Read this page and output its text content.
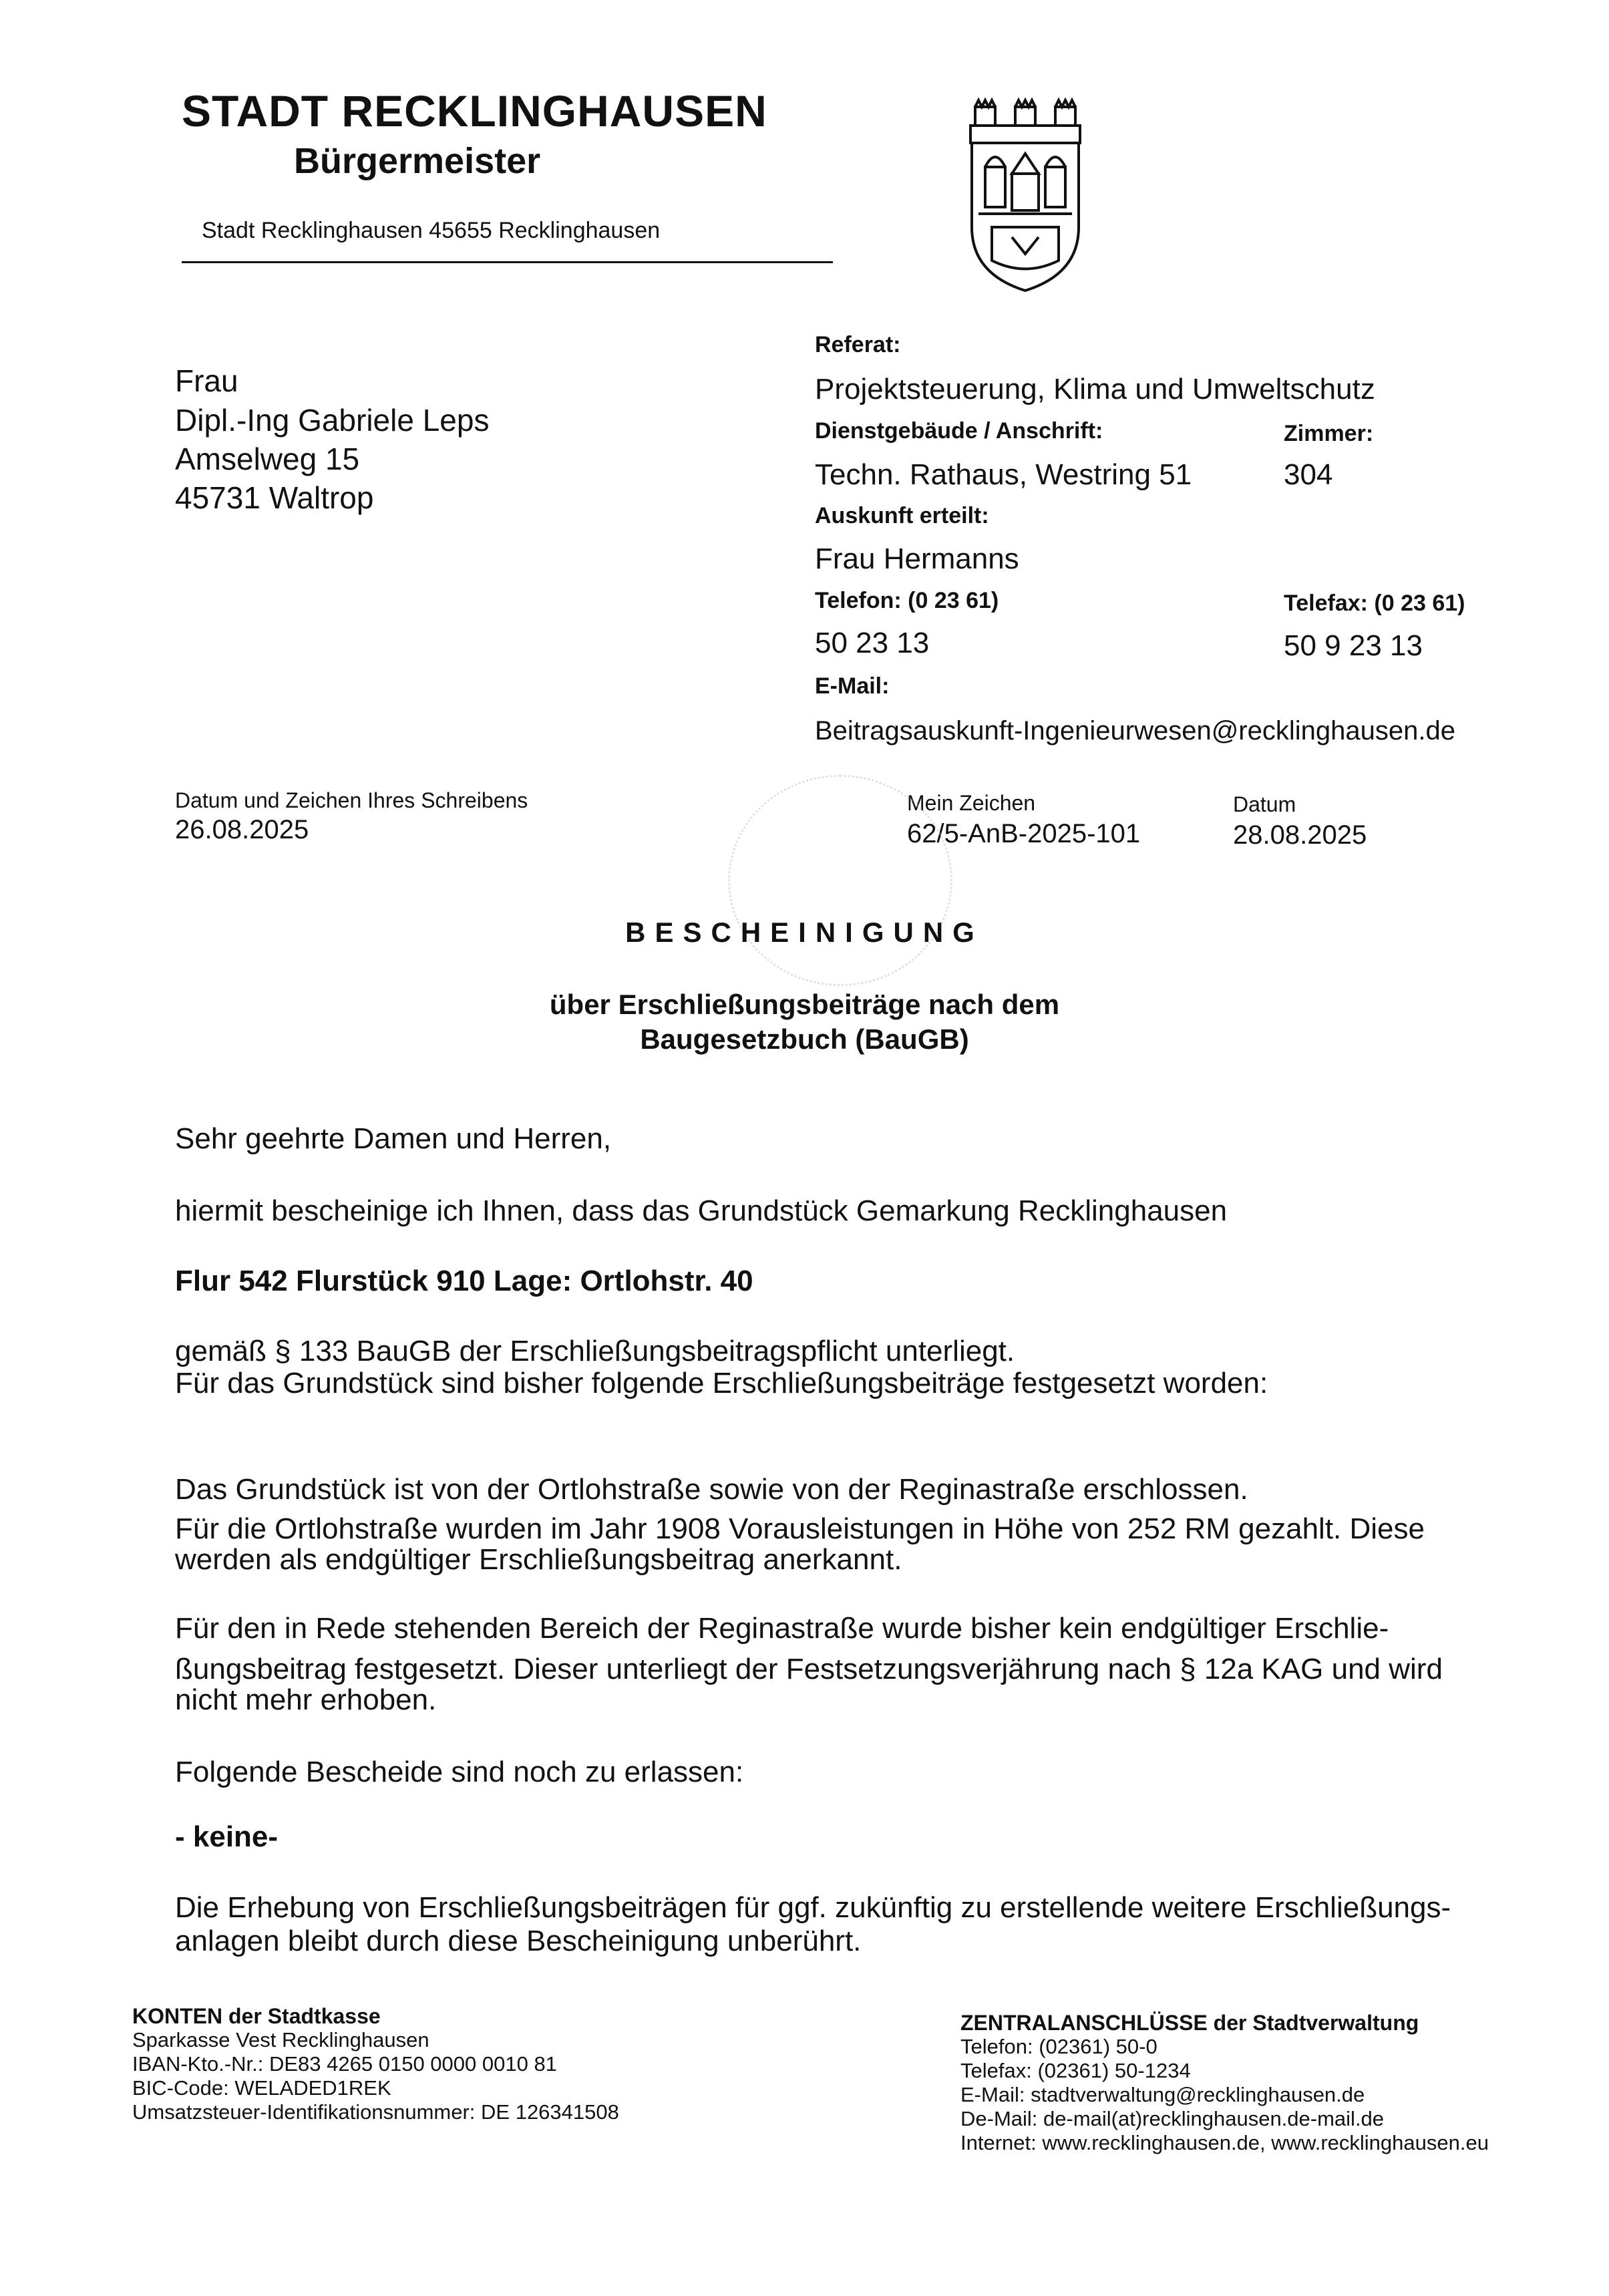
STADT RECKLINGHAUSEN
Bürgermeister
Stadt Recklinghausen 45655 Recklinghausen
Frau
Dipl.-Ing Gabriele Leps
Amselweg 15
45731 Waltrop
Referat:
Projektsteuerung, Klima und Umweltschutz
Dienstgebäude / Anschrift:	Zimmer:
Techn. Rathaus, Westring 51	304
Auskunft erteilt:
Frau Hermanns
Telefon: (0 23 61)	Telefax: (0 23 61)
50 23 13	50 9 23 13
E-Mail:
Beitragsauskunft-Ingenieurwesen@recklinghausen.de
Datum und Zeichen Ihres Schreibens
26.08.2025
Mein Zeichen
62/5-AnB-2025-101
Datum
28.08.2025
BESCHEINIGUNG
über Erschließungsbeiträge nach dem
Baugesetzbuch (BauGB)
Sehr geehrte Damen und Herren,
hiermit bescheinige ich Ihnen, dass das Grundstück Gemarkung Recklinghausen
Flur 542 Flurstück 910 Lage: Ortlohstr. 40
gemäß § 133 BauGB der Erschließungsbeitragspflicht unterliegt.
Für das Grundstück sind bisher folgende Erschließungsbeiträge festgesetzt worden:
Das Grundstück ist von der Ortlohstraße sowie von der Reginastraße erschlossen.
Für die Ortlohstraße wurden im Jahr 1908 Vorausleistungen in Höhe von 252 RM gezahlt. Diese
werden als endgültiger Erschließungsbeitrag anerkannt.
Für den in Rede stehenden Bereich der Reginastraße wurde bisher kein endgültiger Erschlie-
ßungsbeitrag festgesetzt. Dieser unterliegt der Festsetzungsverjährung nach § 12a KAG und wird
nicht mehr erhoben.
Folgende Bescheide sind noch zu erlassen:
- keine-
Die Erhebung von Erschließungsbeiträgen für ggf. zukünftig zu erstellende weitere Erschließungs-
anlagen bleibt durch diese Bescheinigung unberührt.
KONTEN der Stadtkasse
Sparkasse Vest Recklinghausen
IBAN-Kto.-Nr.: DE83 4265 0150 0000 0010 81
BIC-Code: WELADED1REK
Umsatzsteuer-Identifikationsnummer: DE 126341508
ZENTRALANSCHLÜSSE der Stadtverwaltung
Telefon: (02361) 50-0
Telefax: (02361) 50-1234
E-Mail: stadtverwaltung@recklinghausen.de
De-Mail: de-mail(at)recklinghausen.de-mail.de
Internet: www.recklinghausen.de, www.recklinghausen.eu
